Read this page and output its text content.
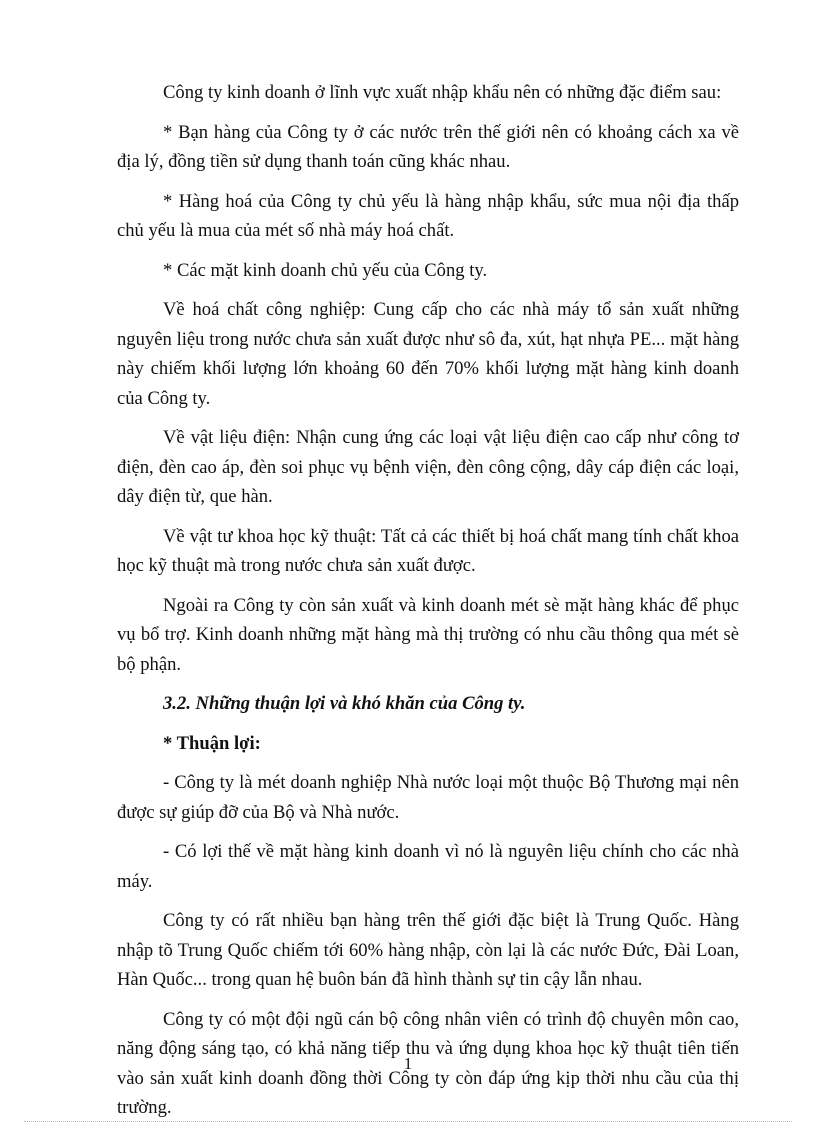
Công ty kinh doanh ở lĩnh vực xuất nhập khẩu nên có những đặc điểm sau:

* Bạn hàng của Công ty ở các nước trên thế giới nên có khoảng cách xa về địa lý, đồng tiền sử dụng thanh toán cũng khác nhau.

* Hàng hoá của Công ty chủ yếu là hàng nhập khẩu, sức mua nội địa thấp chủ yếu là mua của mét số nhà máy hoá chất.

* Các mặt kinh doanh chủ yếu của Công ty.

Về hoá chất công nghiệp: Cung cấp cho các nhà máy tổ sản xuất những nguyên liệu trong nước chưa sản xuất được như sô đa, xút, hạt nhựa PE... mặt hàng này chiếm khối lượng lớn khoảng 60 đến 70% khối lượng mặt hàng kinh doanh của Công ty.

Về vật liệu điện: Nhận cung ứng các loại vật liệu điện cao cấp như công tơ điện, đèn cao áp, đèn soi phục vụ bệnh viện, đèn công cộng, dây cáp điện các loại, dây điện từ, que hàn.

Về vật tư khoa học kỹ thuật: Tất cả các thiết bị hoá chất mang tính chất khoa học kỹ thuật mà trong nước chưa sản xuất được.

Ngoài ra Công ty còn sản xuất và kinh doanh mét sè mặt hàng khác để phục vụ bổ trợ. Kinh doanh những mặt hàng mà thị trường có nhu cầu thông qua mét sè bộ phận.

3.2. Những thuận lợi và khó khăn của Công ty.

* Thuận lợi:

- Công ty là mét doanh nghiệp Nhà nước loại một thuộc Bộ Thương mại nên được sự giúp đỡ của Bộ và Nhà nước.

- Có lợi thế về mặt hàng kinh doanh vì nó là nguyên liệu chính cho các nhà máy.

Công ty có rất nhiều bạn hàng trên thế giới đặc biệt là Trung Quốc. Hàng nhập tõ Trung Quốc chiếm tới 60% hàng nhập, còn lại là các nước Đức, Đài Loan, Hàn Quốc... trong quan hệ buôn bán đã hình thành sự tin cậy lẫn nhau.

Công ty có một đội ngũ cán bộ công nhân viên có trình độ chuyên môn cao, năng động sáng tạo, có khả năng tiếp thu và ứng dụng khoa học kỹ thuật tiên tiến vào sản xuất kinh doanh đồng thời Công ty còn đáp ứng kịp thời nhu cầu của thị trường.

1
